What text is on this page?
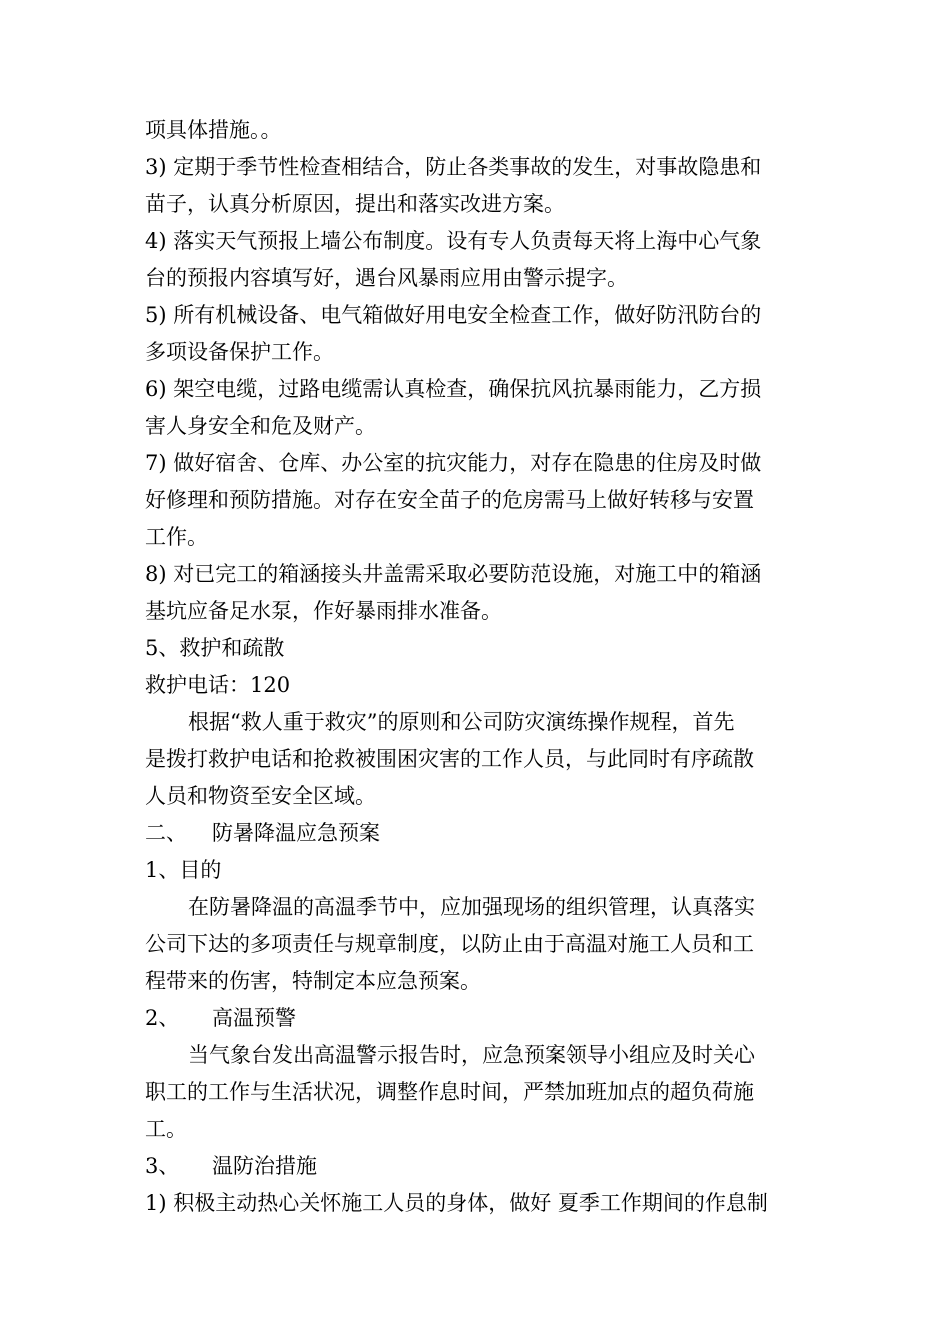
项具体措施。。
3) 定期于季节性检查相结合，防止各类事故的发生，对事故隐患和
苗子，认真分析原因，提出和落实改进方案。
4) 落实天气预报上墙公布制度。设有专人负责每天将上海中心气象
台的预报内容填写好，遇台风暴雨应用由警示提字。
5) 所有机械设备、电气箱做好用电安全检查工作，做好防汛防台的
多项设备保护工作。
6) 架空电缆，过路电缆需认真检查，确保抗风抗暴雨能力，乙方损
害人身安全和危及财产。
7) 做好宿舍、仓库、办公室的抗灾能力，对存在隐患的住房及时做
好修理和预防措施。对存在安全苗子的危房需马上做好转移与安置
工作。
8) 对已完工的箱涵接头井盖需采取必要防范设施，对施工中的箱涵
基坑应备足水泵，作好暴雨排水准备。
5、救护和疏散
救护电话：120
根据“救人重于救灾”的原则和公司防灾演练操作规程，首先
是拨打救护电话和抢救被围困灾害的工作人员，与此同时有序疏散
人员和物资至安全区域。
二、 防暑降温应急预案
1、目的
在防暑降温的高温季节中，应加强现场的组织管理，认真落实
公司下达的多项责任与规章制度，以防止由于高温对施工人员和工
程带来的伤害，特制定本应急预案。
2、 高温预警
当气象台发出高温警示报告时，应急预案领导小组应及时关心
职工的工作与生活状况，调整作息时间，严禁加班加点的超负荷施
工。
3、 温防治措施
1) 积极主动热心关怀施工人员的身体，做好 夏季工作期间的作息制
